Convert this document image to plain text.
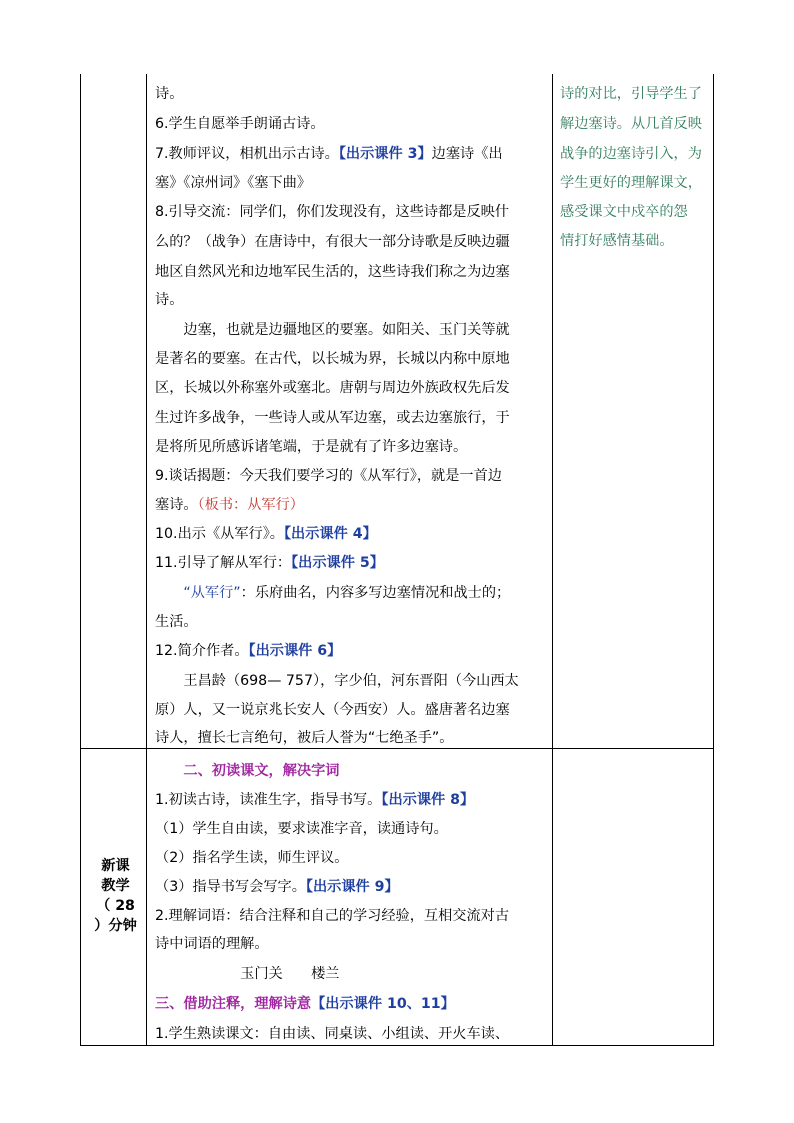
新课
教学
（ 28
）分钟
诗的对比，引导学生了
解边塞诗。从几首反映
战争的边塞诗引入，为
学生更好的理解课文，
感受课文中戍卒的怨
情打好感情基础。
诗。
6.学生自愿举手朗诵古诗。
7.教师评议，相机出示古诗。【出示课件 3】边塞诗《出
塞》《凉州词》《塞下曲》
8.引导交流：同学们，你们发现没有，这些诗都是反映什
么的？（战争）在唐诗中，有很大一部分诗歌是反映边疆
地区自然风光和边地军民生活的，这些诗我们称之为边塞
诗。
　　边塞，也就是边疆地区的要塞。如阳关、玉门关等就
是著名的要塞。在古代，以长城为界，长城以内称中原地
区，长城以外称塞外或塞北。唐朝与周边外族政权先后发
生过许多战争，一些诗人或从军边塞，或去边塞旅行，于
是将所见所感诉诸笔端，于是就有了许多边塞诗。
9.谈话揭题：今天我们要学习的《从军行》，就是一首边
塞诗。（板书：从军行）
10.出示《从军行》。【出示课件 4】
11.引导了解从军行：【出示课件 5】
　　“从军行”：乐府曲名，内容多写边塞情况和战士的；
生活。
12.简介作者。【出示课件 6】
　　王昌龄（698— 757），字少伯，河东晋阳（今山西太
原）人，又一说京兆长安人（今西安）人。盛唐著名边塞
诗人，擅长七言绝句，被后人誉为“七绝圣手”。
　　二、初读课文，解决字词
1.初读古诗，读准生字，指导书写。【出示课件 8】
（1）学生自由读，要求读准字音，读通诗句。
（2）指名学生读，师生评议。
（3）指导书写会写字。【出示课件 9】
2.理解词语：结合注释和自己的学习经验，互相交流对古
诗中词语的理解。
　　　　　　玉门关　　楼兰
三、借助注释，理解诗意【出示课件 10、11】
1.学生熟读课文：自由读、同桌读、小组读、开火车读、
